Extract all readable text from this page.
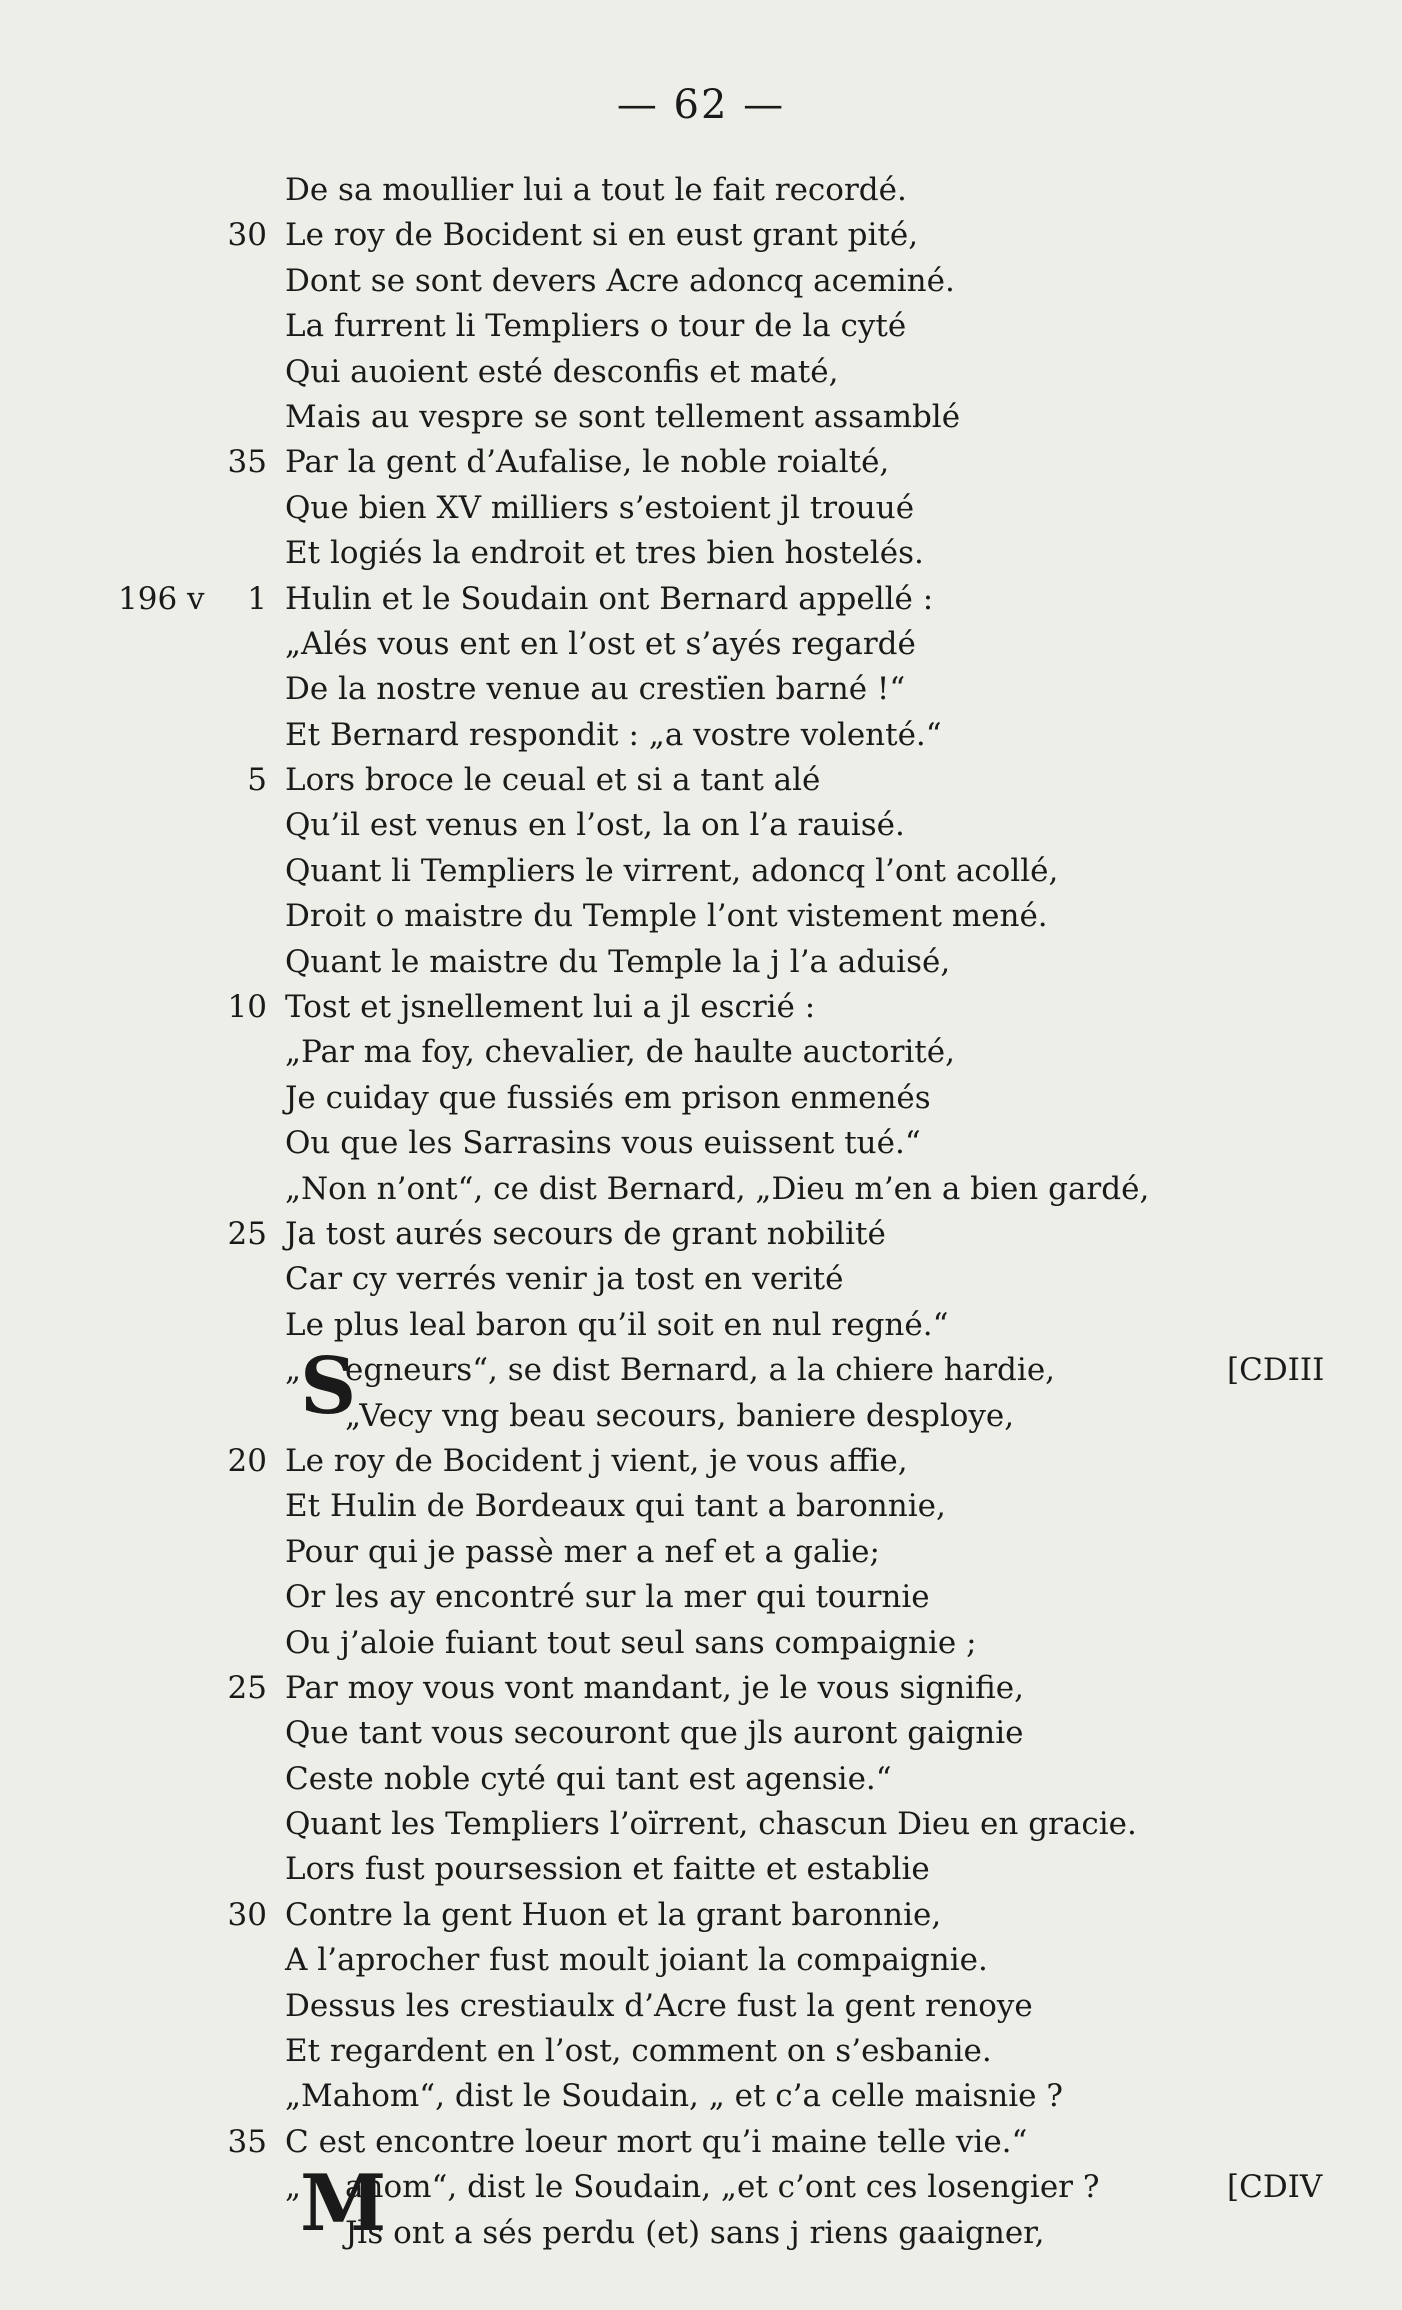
— 62 —
De sa moullier lui a tout le fait recordé.
30 Le roy de Bocident si en eust grant pité,
Dont se sont devers Acre adoncq aceminé.
La furrent li Templiers o tour de la cyté
Qui auoient esté desconfis et maté,
Mais au vespre se sont tellement assamblé
35 Par la gent d’Aufalise, le noble roialté,
Que bien XV milliers s’estoient jl trouué
Et logiés la endroit et tres bien hostelés.
196 v 1 Hulin et le Soudain ont Bernard appellé :
„Alés vous ent en l’ost et s’ayés regardé
De la nostre venue au crestïen barné !“
Et Bernard respondit : „a vostre volenté.“
5 Lors broce le ceual et si a tant alé
Qu’il est venus en l’ost, la on l’a rauisé.
Quant li Templiers le virrent, adoncq l’ont acollé,
Droit o maistre du Temple l’ont vistement mené.
Quant le maistre du Temple la j l’a aduisé,
10 Tost et jsnellement lui a jl escrié :
„Par ma foy, chevalier, de haulte auctorité,
Je cuiday que fussiés em prison enmenés
Ou que les Sarrasins vous euissent tué.“
„Non n’ont“, ce dist Bernard, „Dieu m’en a bien gardé,
25 Ja tost aurés secours de grant nobilité
Car cy verrés venir ja tost en verité
Le plus leal baron qu’il soit en nul regné.“
„
S
egneurs“, se dist Bernard, a la chiere hardie,	[CDIII
„Vecy vng beau secours, baniere desploye,
20 Le roy de Bocident j vient, je vous affie,
Et Hulin de Bordeaux qui tant a baronnie,
Pour qui je passè mer a nef et a galie;
Or les ay encontré sur la mer qui tournie
Ou j’aloie fuiant tout seul sans compaignie ;
25 Par moy vous vont mandant, je le vous signifie,
Que tant vous secouront que jls auront gaignie
Ceste noble cyté qui tant est agensie.“
Quant les Templiers l’oïrrent, chascun Dieu en gracie.
Lors fust poursession et faitte et establie
30 Contre la gent Huon et la grant baronnie,
A l’aprocher fust moult joiant la compaignie.
Dessus les crestiaulx d’Acre fust la gent renoye
Et regardent en l’ost, comment on s’esbanie.
„Mahom“, dist le Soudain, „ et c’a celle maisnie ?
35 C est encontre loeur mort qu’i maine telle vie.“
„
M
ahom“, dist le Soudain, „et c’ont ces losengier ?	[CDIV
Jls ont a sés perdu (et) sans j riens gaaigner,
